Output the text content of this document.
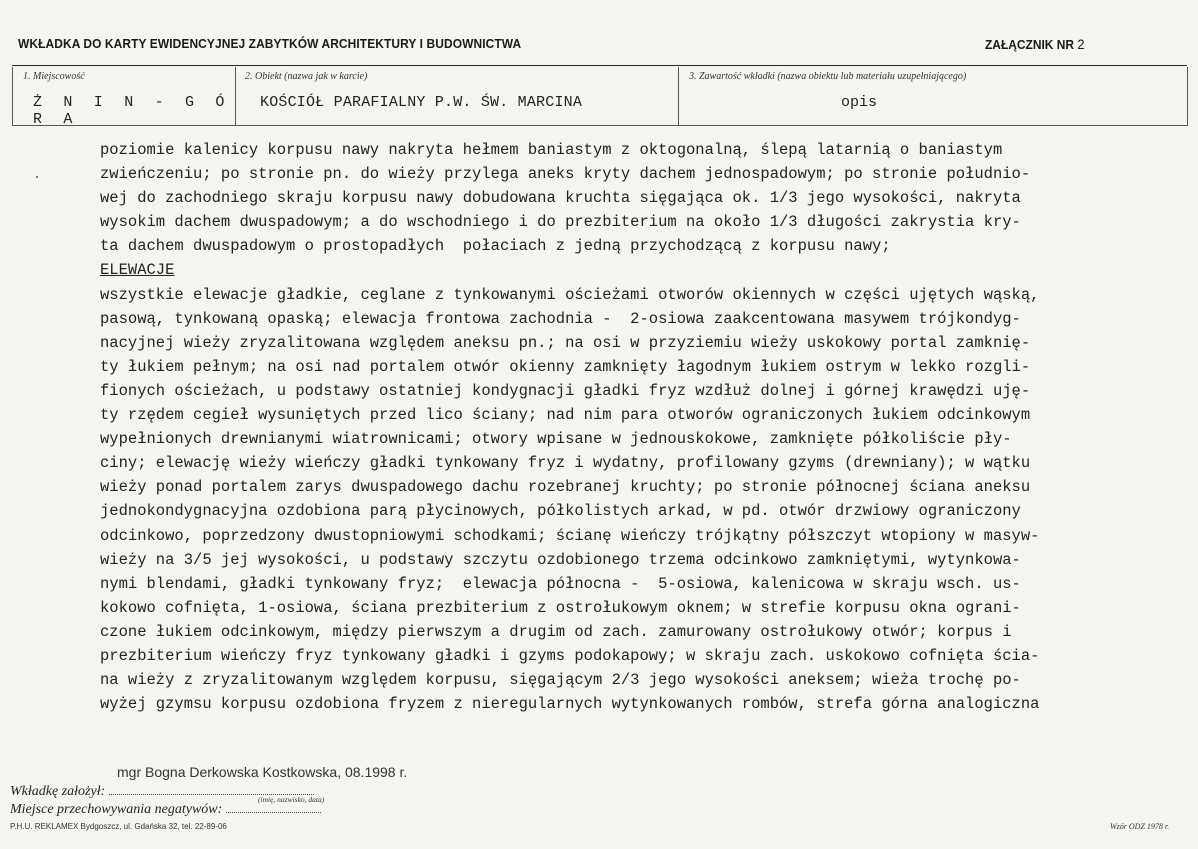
WKŁADKA DO KARTY EWIDENCYJNEJ ZABYTKÓW ARCHITEKTURY I BUDOWNICTWA	ZAŁĄCZNIK NR 2
1. Miejscowość
Ż N I N - G Ó R A
2. Obiekt (nazwa jak w karcie)
KOŚCIÓŁ PARAFIALNY P.W. ŚW. MARCINA
3. Zawartość wkładki (nazwa obiektu lub materiału uzupełniającego)
opis
poziomie kalenicy korpusu nawy nakryta hełmem baniastym z oktogonalną, ślepą latarnią o baniastym
zwieńczeniu; po stronie pn. do wieży przylega aneks kryty dachem jednospadowym; po stronie południo-
wej do zachodniego skraju korpusu nawy dobudowana kruchta sięgająca ok. 1/3 jego wysokości, nakryta
wysokim dachem dwuspadowym; a do wschodniego i do prezbiterium na około 1/3 długości zakrystia kry-
ta dachem dwuspadowym o prostopadłych  połaciach z jedną przychodzącą z korpusu nawy;
ELEWACJE
wszystkie elewacje gładkie, ceglane z tynkowanymi ościeżami otworów okiennych w części ujętych wąską,
pasową, tynkowaną opaską; elewacja frontowa zachodnia -  2-osiowa zaakcentowana masywem trójkondyg-
nacyjnej wieży zryzalitowana względem aneksu pn.; na osi w przyziemiu wieży uskokowy portal zamknię-
ty łukiem pełnym; na osi nad portalem otwór okienny zamknięty łagodnym łukiem ostrym w lekko rozgli-
fionych ościeżach, u podstawy ostatniej kondygnacji gładki fryz wzdłuż dolnej i górnej krawędzi uję-
ty rzędem cegieł wysuniętych przed lico ściany; nad nim para otworów ograniczonych łukiem odcinkowym
wypełnionych drewnianymi wiatrownicami; otwory wpisane w jednouskokowe, zamknięte półkoliście pły-
ciny; elewację wieży wieńczy gładki tynkowany fryz i wydatny, profilowany gzyms (drewniany); w wątku
wieży ponad portalem zarys dwuspadowego dachu rozebranej kruchty; po stronie północnej ściana aneksu
jednokondygnacyjna ozdobiona parą płycinowych, półkolistych arkad, w pd. otwór drzwiowy ograniczony
odcinkowo, poprzedzony dwustopniowymi schodkami; ścianę wieńczy trójkątny półszczyt wtopiony w masyw-
wieży na 3/5 jej wysokości, u podstawy szczytu ozdobionego trzema odcinkowo zamkniętymi, wytynkowa-
nymi blendami, gładki tynkowany fryz;  elewacja północna -  5-osiowa, kalenicowa w skraju wsch. us-
kokowo cofnięta, 1-osiowa, ściana prezbiterium z ostrołukowym oknem; w strefie korpusu okna ograni-
czone łukiem odcinkowym, między pierwszym a drugim od zach. zamurowany ostrołukowy otwór; korpus i
prezbiterium wieńczy fryz tynkowany gładki i gzyms podokapowy; w skraju zach. uskokowo cofnięta ścia-
na wieży z zryzalitowanym względem korpusu, sięgającym 2/3 jego wysokości aneksem; wieża trochę po-
wyżej gzymsu korpusu ozdobiona fryzem z nieregularnych wytynkowanych rombów, strefa górna analogiczna
mgr Bogna Derkowska Kostkowska, 08.1998 r.
Wkładkę założył:
(imię, nazwisko, data)
Miejsce przechowywania negatywów:
P.H.U. REKLAMEX Bydgoszcz, ul. Gdańska 32, tel. 22-89-06	Wzór ODZ 1978 r.
